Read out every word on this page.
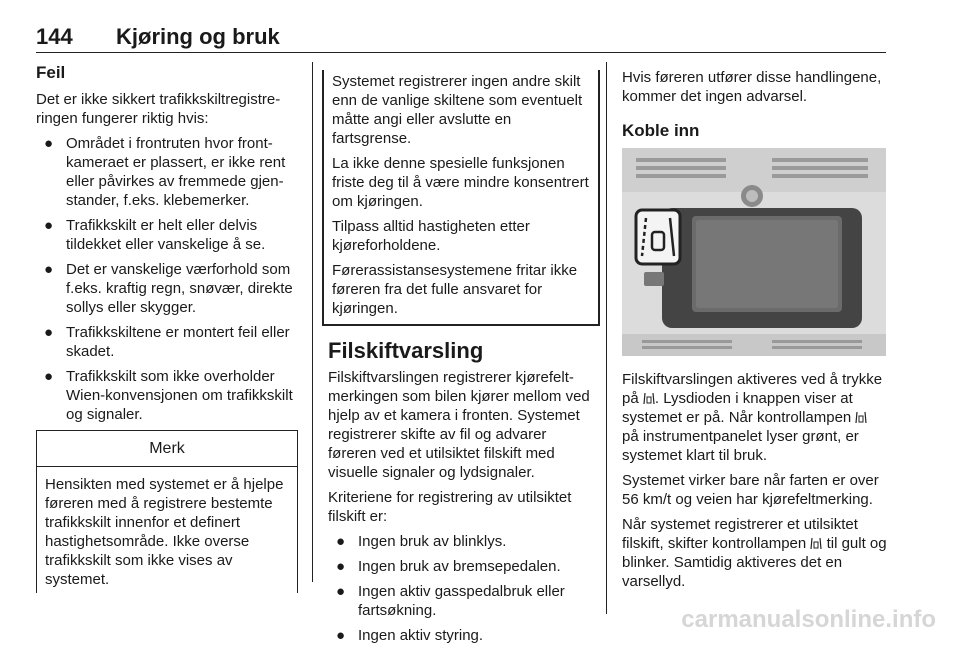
144 Kjøring og bruk
Feil

Det er ikke sikkert trafikkskiltregistreringen fungerer riktig hvis:

● Området i frontruten hvor frontkameraet er plassert, er ikke rent eller påvirkes av fremmede gjenstander, f.eks. klebemerker.
● Trafikkskilt er helt eller delvis tildekket eller vanskelige å se.
● Det er vanskelige værforhold som f.eks. kraftig regn, snøvær, direkte sollys eller skygger.
● Trafikkskiltene er montert feil eller skadet.
● Trafikkskilt som ikke overholder Wien-konvensjonen om trafikkskilt og signaler.
Merk
Hensikten med systemet er å hjelpe føreren med å registrere bestemte trafikkskilt innenfor et definert hastighetsområde. Ikke overse trafikkskilt som ikke vises av systemet.

Systemet registrerer ingen andre skilt enn de vanlige skiltene som eventuelt måtte angi eller avslutte en fartsgrense.

La ikke denne spesielle funksjonen friste deg til å være mindre konsentrert om kjøringen.

Tilpass alltid hastigheten etter kjøreforholdene.

Førerassistansesystemene fritar ikke føreren fra det fulle ansvaret for kjøringen.

Filskiftvarsling

Filskiftvarslingen registrerer kjørefeltmerkingen som bilen kjører mellom ved hjelp av et kamera i fronten. Systemet registrerer skifte av fil og advarer føreren ved et utilsiktet filskift med visuelle signaler og lydsignaler.

Kriteriene for registrering av utilsiktet filskift er:

● Ingen bruk av blinklys.
● Ingen bruk av bremsepedalen.
● Ingen aktiv gasspedalbruk eller fartsøkning.
● Ingen aktiv styring.

Hvis føreren utfører disse handlingene, kommer det ingen advarsel.

Koble inn

Filskiftvarslingen aktiveres ved å trykke på . Lysdioden i knappen viser at systemet er på. Når kontrollampen  på instrumentpanelet lyser grønt, er systemet klart til bruk.

Systemet virker bare når farten er over 56 km/t og veien har kjørefeltmerking.

Når systemet registrerer et utilsiktet filskift, skifter kontrollampen til gult og blinker. Samtidig aktiveres det en varsellyd.

carmanualsonline.info
